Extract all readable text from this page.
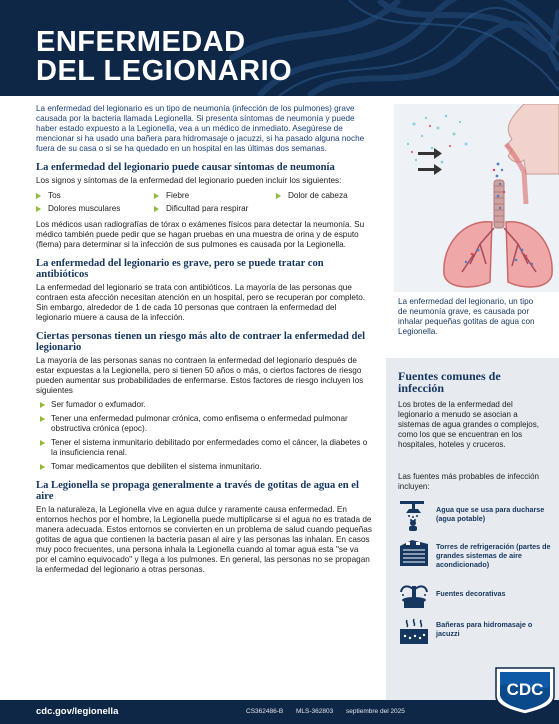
ENFERMEDAD
DEL LEGIONARIO

La enfermedad del legionario es un tipo de neumonía (infección de los pulmones) grave causada por la bacteria llamada Legionella. Si presenta síntomas de neumonía y puede haber estado expuesto a la Legionella, vea a un médico de inmediato. Asegúrese de mencionar si ha usado una bañera para hidromasaje o jacuzzi, si ha pasado alguna noche fuera de su casa o si se ha quedado en un hospital en las últimas dos semanas.

La enfermedad del legionario puede causar síntomas de neumonía

Los signos y síntomas de la enfermedad del legionario pueden incluir los siguientes:

Tos	Fiebre	Dolor de cabeza
Dolores musculares	Dificultad para respirar

Los médicos usan radiografías de tórax o exámenes físicos para detectar la neumonía. Su médico también puede pedir que se hagan pruebas en una muestra de orina y de esputo (flema) para determinar si la infección de sus pulmones es causada por la Legionella.

La enfermedad del legionario es grave, pero se puede tratar con antibióticos

La enfermedad del legionario se trata con antibióticos. La mayoría de las personas que contraen esta afección necesitan atención en un hospital, pero se recuperan por completo. Sin embargo, alrededor de 1 de cada 10 personas que contraen la enfermedad del legionario muere a causa de la infección.

Ciertas personas tienen un riesgo más alto de contraer la enfermedad del legionario

La mayoría de las personas sanas no contraen la enfermedad del legionario después de estar expuestas a la Legionella, pero si tienen 50 años o más, o ciertos factores de riesgo pueden aumentar sus probabilidades de enfermarse. Estos factores de riesgo incluyen los siguientes

Ser fumador o exfumador.
Tener una enfermedad pulmonar crónica, como enfisema o enfermedad pulmonar obstructiva crónica (epoc).
Tener el sistema inmunitario debilitado por enfermedades como el cáncer, la diabetes o la insuficiencia renal.
Tomar medicamentos que debiliten el sistema inmunitario.
La Legionella se propaga generalmente a través de gotitas de agua en el aire

En la naturaleza, la Legionella vive en agua dulce y raramente causa enfermedad. En entornos hechos por el hombre, la Legionella puede multiplicarse si el agua no es tratada de manera adecuada. Estos entornos se convierten en un problema de salud cuando pequeñas gotitas de agua que contienen la bacteria pasan al aire y las personas las inhalan. En casos muy poco frecuentes, una persona inhala la Legionella cuando al tomar agua esta "se va por el camino equivocado" y llega a los pulmones. En general, las personas no se propagan la enfermedad del legionario a otras personas.

La enfermedad del legionario, un tipo de neumonía grave, es causada por inhalar pequeñas gotitas de agua con Legionella.

Fuentes comunes de infección

Los brotes de la enfermedad del legionario a menudo se asocian a sistemas de agua grandes o complejos, como los que se encuentran en los hospitales, hoteles y cruceros.

Las fuentes más probables de infección incluyen:

Agua que se usa para ducharse (agua potable)
Torres de refrigeración (partes de grandes sistemas de aire acondicionado)
Fuentes decorativas
Bañeras para hidromasaje o jacuzzi
cdc.gov/legionella	CS362486-B MLS-362803 septiembre del 2025
CDC
